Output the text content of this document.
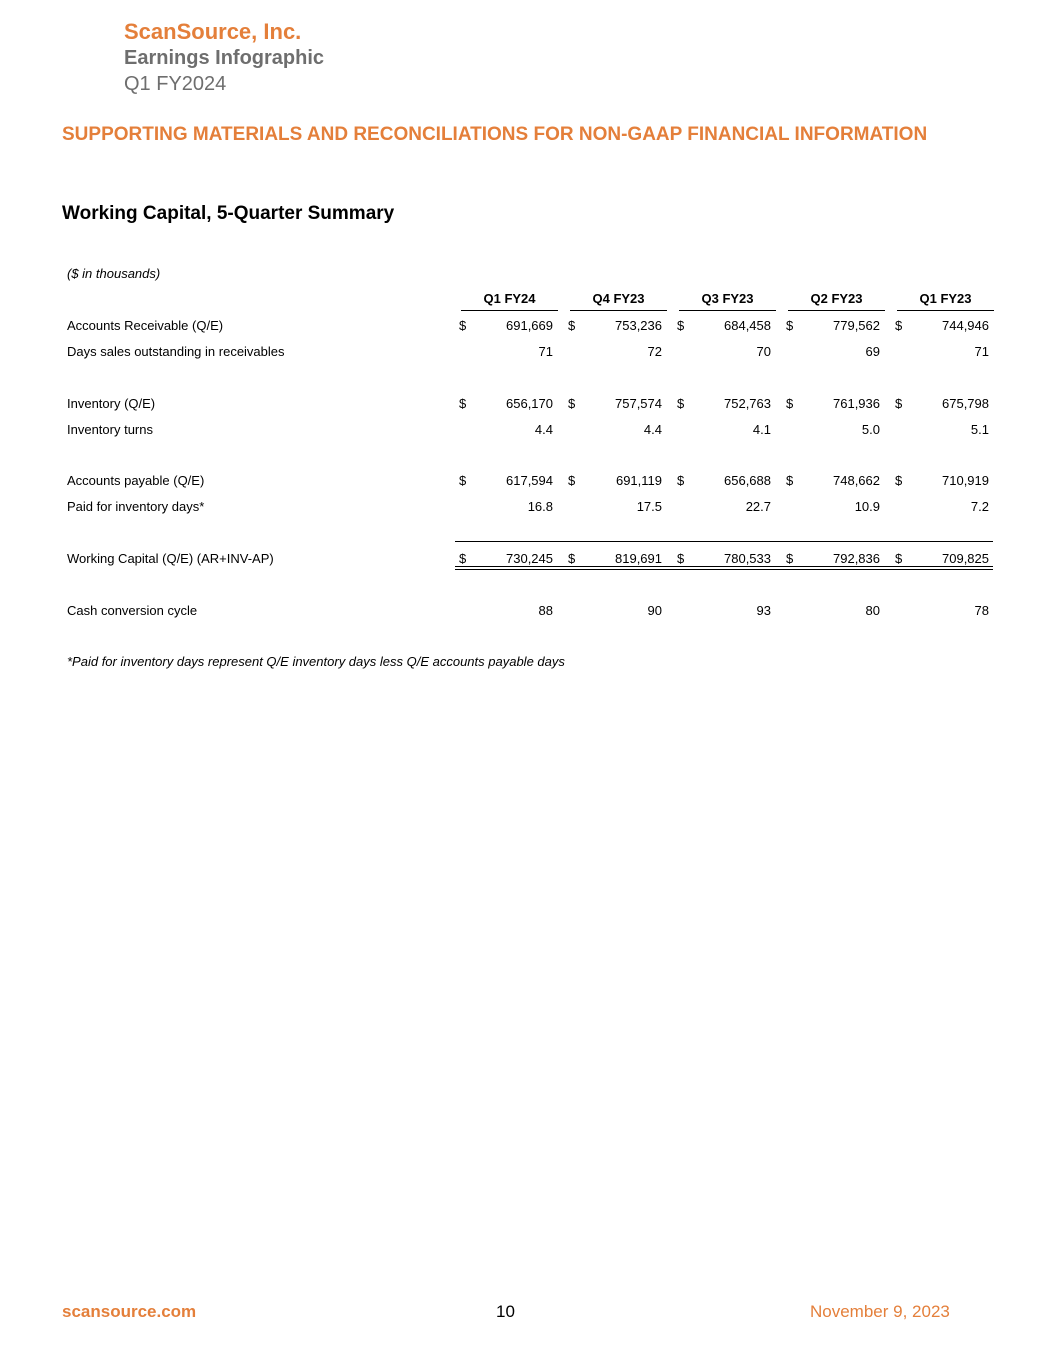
ScanSource, Inc.
Earnings Infographic
Q1 FY2024
SUPPORTING MATERIALS AND RECONCILIATIONS FOR NON-GAAP FINANCIAL INFORMATION
Working Capital, 5-Quarter Summary
($ in thousands)
Q1 FY24	Q4 FY23	Q3 FY23	Q2 FY23	Q1 FY23
Accounts Receivable (Q/E)	$	691,669 $	753,236 $	684,458 $	779,562 $	744,946
Days sales outstanding in receivables	71	72	70	69	71
Inventory (Q/E)	$	656,170 $	757,574 $	752,763 $	761,936 $	675,798
Inventory turns	4.4	4.4	4.1	5.0	5.1
Accounts payable (Q/E)	$	617,594 $	691,119 $	656,688 $	748,662 $	710,919
Paid for inventory days*	16.8	17.5	22.7	10.9	7.2
Working Capital (Q/E) (AR+INV-AP)	$	730,245 $	819,691 $	780,533 $	792,836 $	709,825
Cash conversion cycle	88	90	93	80	78
*Paid for inventory days represent Q/E inventory days less Q/E accounts payable days
scansource.com	10	November 9, 2023
